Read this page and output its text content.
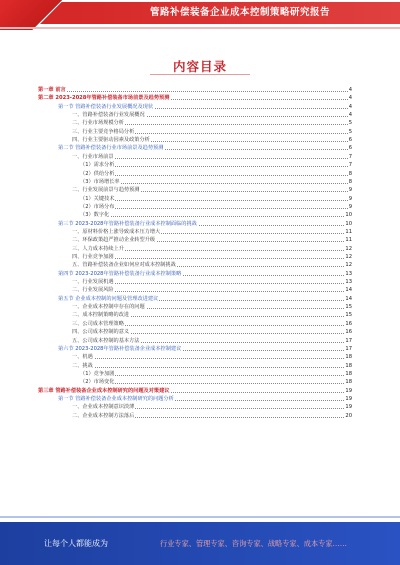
管路补偿装备企业成本控制策略研究报告
内容目录
第一章 前言	4
第二章 2023-2028年管路补偿装备市场前景及趋势预测	4
第一节 管路补偿装备行业发展概况及现状	4
一、管路补偿装备行业发展概况	4
二、行业市场规模分析	5
三、行业主要竞争格局分析	5
四、行业主要驱动因素及政策分析	6
第二节 管路补偿装备行业市场前景及趋势预测	6
一、行业市场前景	7
（1）需求分析	7
（2）供给分析	8
（3）市场增长率	8
二、行业发展前景与趋势预测	9
（1）关键技术	9
（2）市场分布	9
（3）数字化	10
第三节 2023-2028年管路补偿装备行业成本控制面临的挑战	10
一、原材料价格上涨导致成本压力增大	11
二、环保政策趋严推动企业转型升级	11
三、人力成本持续上升	12
四、行业竞争加剧	12
五、管路补偿装备企业如何应对成本控制挑战	12
第四节 2023-2028年管路补偿装备行业成本控制策略	13
一、行业发展机遇	13
二、行业发展风险	14
第五节 企业成本控制的问题及管理改进建议	14
一、企业成本控制中存在的问题	15
二、成本控制策略的改进	15
三、公司成本管理策略	16
四、公司成本控制的意义	16
五、公司成本控制的基本方法	17
第六节 2023-2028年管路补偿装备企业成本控制建议	17
一、机遇	18
二、挑战	18
（1）竞争加剧	18
（2）市场变化	18
第三章 管路补偿装备企业成本控制研究的问题及对策建议	19
第一节 管路补偿装备企业成本控制研究的问题分析	19
一、企业成本控制意识淡薄	19
二、企业成本控制方法落后	20
让每个人都能成为	行业专家、管理专家、咨询专家、战略专家、成本专家……
